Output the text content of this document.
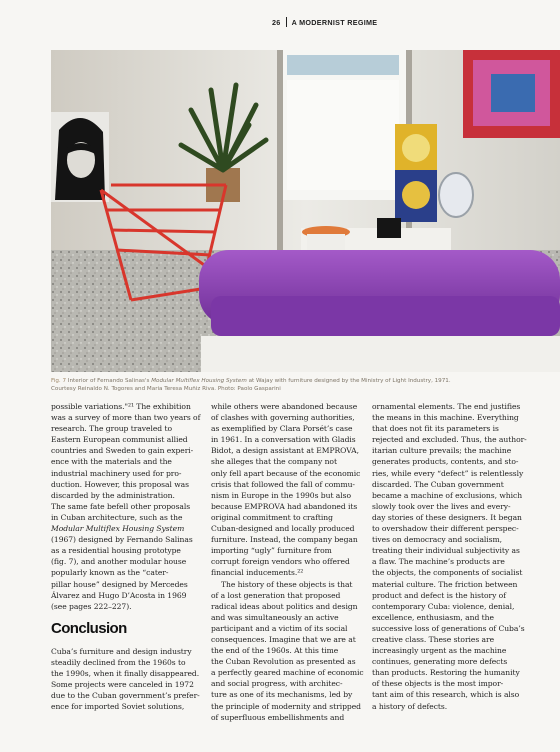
26 A MODERNIST REGIME
Fig. 7 Interior of Fernando Salinas's Modular Multiflex Housing System at Wajay with furniture designed by the Ministry of Light Industry, 1971.
Courtesy Reinaldo N. Togores and Maria Teresa Muñiz Riva. Photo: Paolo Gasparini

possible variations."²¹ The exhibition

was a survey of more than two years of

research. The group traveled to

Eastern European communist allied

countries and Sweden to gain experi-

ence with the materials and the

industrial machinery used for pro-

duction. However, this proposal was

discarded by the administration.

The same fate befell other proposals

in Cuban architecture, such as the

Modular Multiflex Housing System

(1967) designed by Fernando Salinas

as a residential housing prototype

(fig. 7), and another modular house

popularly known as the “cater-

pillar house” designed by Mercedes

Álvarez and Hugo D’Acosta in 1969

(see pages 222–227).

Conclusion

Cuba’s furniture and design industry

steadily declined from the 1960s to

the 1990s, when it finally disappeared.

Some projects were canceled in 1972

due to the Cuban government’s prefer-

ence for imported Soviet solutions,

while others were abandoned because

of clashes with governing authorities,

as exemplified by Clara Porsét’s case

in 1961. In a conversation with Gladis

Bidot, a design assistant at EMPROVA,

she alleges that the company not

only fell apart because of the economic

crisis that followed the fall of commu-

nism in Europe in the 1990s but also

because EMPROVA had abandoned its

original commitment to crafting

Cuban-designed and locally produced

furniture. Instead, the company began

importing “ugly” furniture from

corrupt foreign vendors who offered

financial inducements.²²

The history of these objects is that

of a lost generation that proposed

radical ideas about politics and design

and was simultaneously an active

participant and a victim of its social

consequences. Imagine that we are at

the end of the 1960s. At this time

the Cuban Revolution as presented as

a perfectly geared machine of economic

and social progress, with architec-

ture as one of its mechanisms, led by

the principle of modernity and stripped

of superfluous embellishments and

ornamental elements. The end justifies

the means in this machine. Everything

that does not fit its parameters is

rejected and excluded. Thus, the author-

itarian culture prevails; the machine

generates products, contents, and sto-

ries, while every “defect” is relentlessly

discarded. The Cuban government

became a machine of exclusions, which

slowly took over the lives and every-

day stories of these designers. It began

to overshadow their different perspec-

tives on democracy and socialism,

treating their individual subjectivity as

a flaw. The machine’s products are

the objects, the components of socialist

material culture. The friction between

product and defect is the history of

contemporary Cuba: violence, denial,

excellence, enthusiasm, and the

successive loss of generations of Cuba’s

creative class. These stories are

increasingly urgent as the machine

continues, generating more defects

than products. Restoring the humanity

of these objects is the most impor-

tant aim of this research, which is also

a history of defects.
